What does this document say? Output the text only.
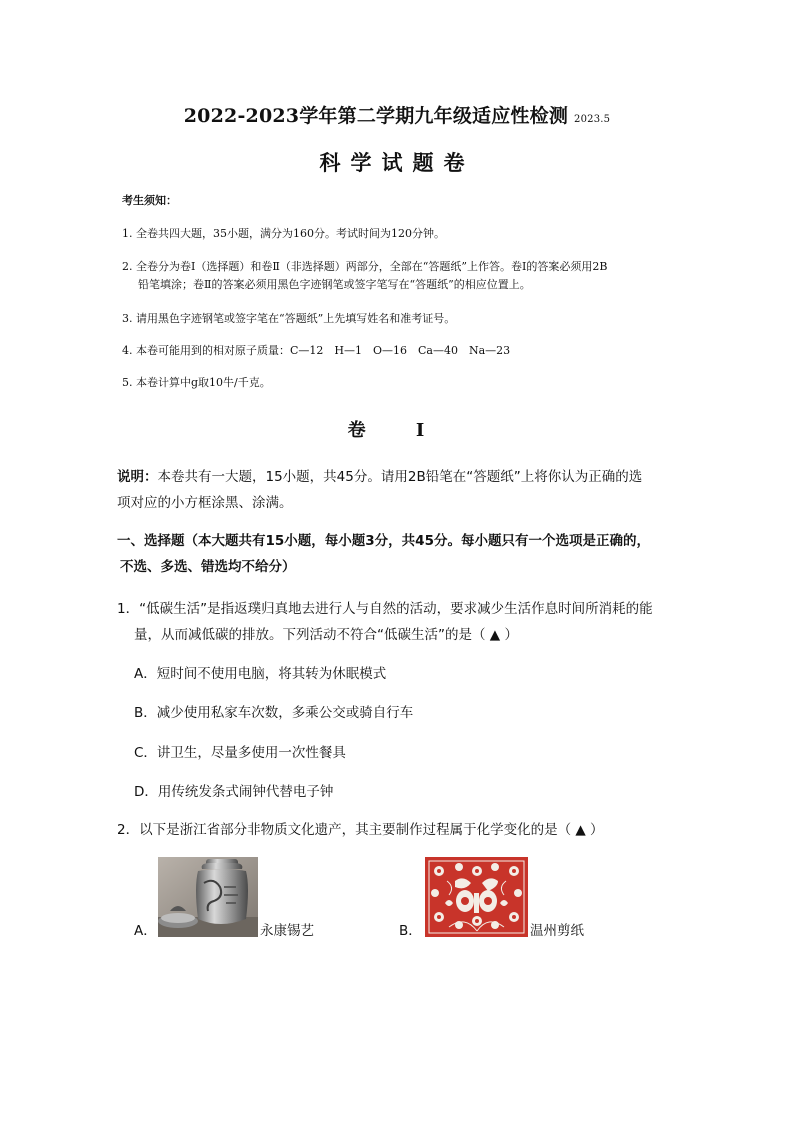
2022-2023学年第二学期九年级适应性检测 2023.5
科学试题卷
考生须知：
1. 全卷共四大题，35小题，满分为160分。考试时间为120分钟。
2. 全卷分为卷Ⅰ（选择题）和卷Ⅱ（非选择题）两部分，全部在“答题纸”上作答。卷Ⅰ的答案必须用2B
铅笔填涂；卷Ⅱ的答案必须用黑色字迹钢笔或签字笔写在“答题纸”的相应位置上。
3. 请用黑色字迹钢笔或签字笔在“答题纸”上先填写姓名和准考证号。
4. 本卷可能用到的相对原子质量：C—12　H—1　O—16　Ca—40　Na—23
5. 本卷计算中g取10牛/千克。
卷 I
说明：本卷共有一大题，15小题，共45分。请用2B铅笔在“答题纸”上将你认为正确的选
项对应的小方框涂黑、涂满。
一、选择题（本大题共有15小题，每小题3分，共45分。每小题只有一个选项是正确的，
不选、多选、错选均不给分）
1．“低碳生活”是指返璞归真地去进行人与自然的活动，要求减少生活作息时间所消耗的能
量，从而减低碳的排放。下列活动不符合“低碳生活”的是（ ▲ ）
A．短时间不使用电脑，将其转为休眠模式
B．减少使用私家车次数，多乘公交或骑自行车
C．讲卫生，尽量多使用一次性餐具
D．用传统发条式闹钟代替电子钟
2．以下是浙江省部分非物质文化遗产，其主要制作过程属于化学变化的是（ ▲ ）
A．	永康锡艺	B．	温州剪纸
